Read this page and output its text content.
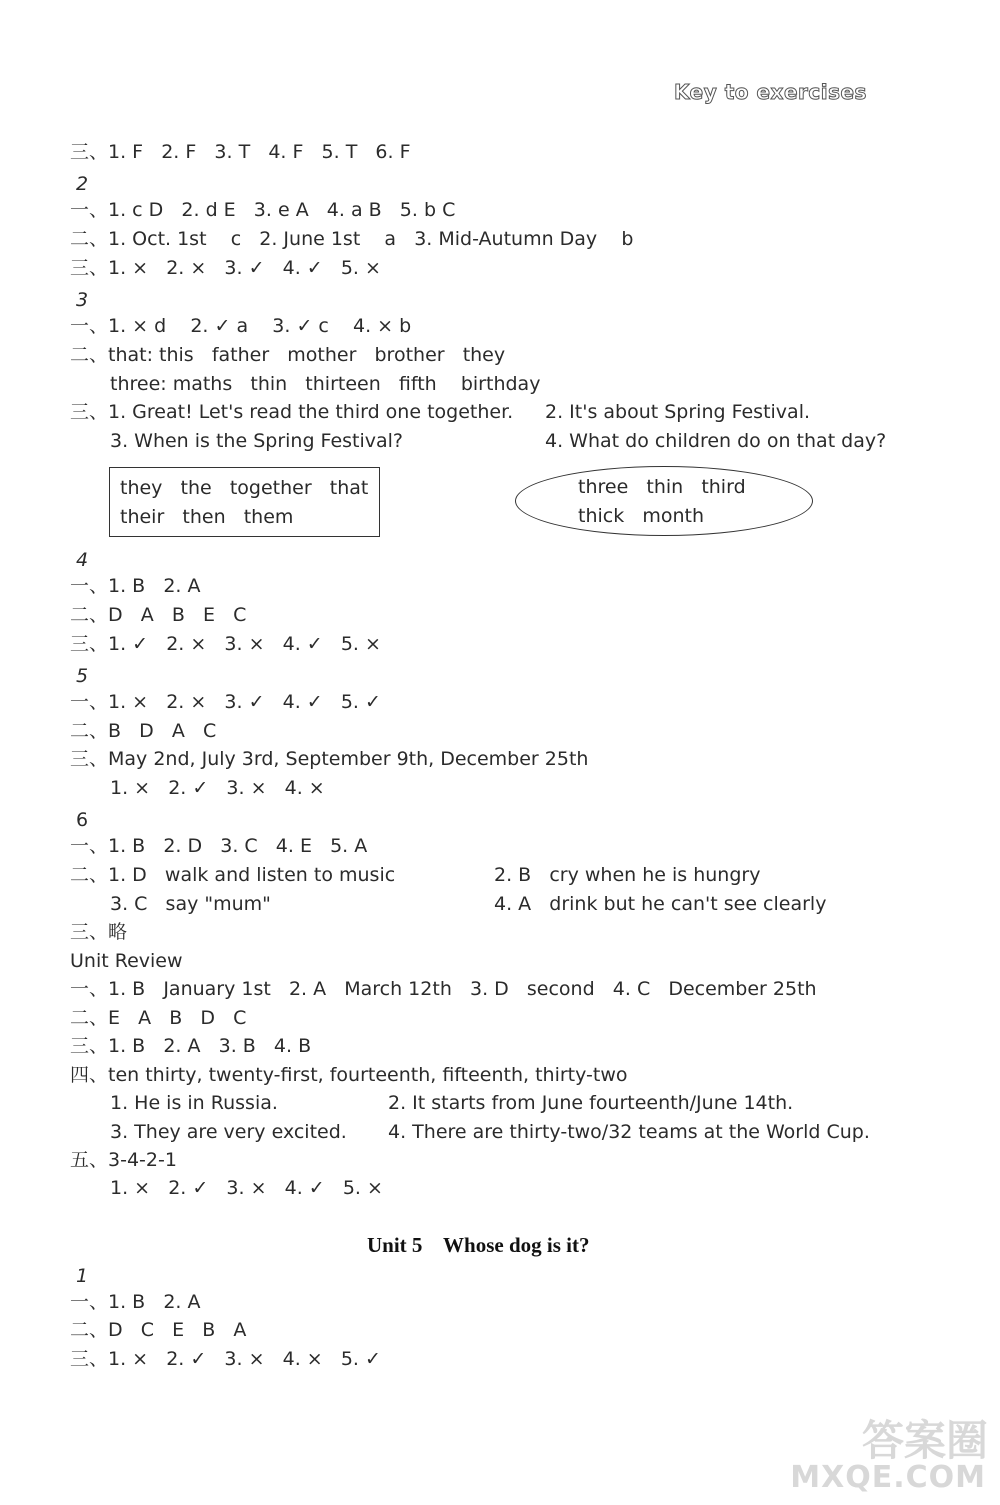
Key to exercises
三、1. F   2. F   3. T   4. F   5. T   6. F
2
一、1. c D   2. d E   3. e A   4. a B   5. b C
二、1. Oct. 1st    c   2. June 1st    a   3. Mid-Autumn Day    b
三、1. ×   2. ×   3. ✓   4. ✓   5. ×
3
一、1. × d    2. ✓ a    3. ✓ c    4. × b
二、that: this   father   mother   brother   they
three: maths   thin   thirteen   fifth    birthday
三、1. Great! Let's read the third one together. 2. It's about Spring Festival.
3. When is the Spring Festival?	4. What do children do on that day?
they   the   together   that
their   then   them
three   thin   third
thick   month
4
一、1. B   2. A
二、D   A   B   E   C
三、1. ✓   2. ×   3. ×   4. ✓   5. ×
5
一、1. ×   2. ×   3. ✓   4. ✓   5. ✓
二、B   D   A   C
三、May 2nd, July 3rd, September 9th, December 25th
1. ×   2. ✓   3. ×   4. ×
6
一、1. B   2. D   3. C   4. E   5. A
二、1. D   walk and listen to music	2. B   cry when he is hungry
3. C   say "mum"	4. A   drink but he can't see clearly
三、略
Unit Review
一、1. B   January 1st   2. A   March 12th   3. D   second   4. C   December 25th
二、E   A   B   D   C
三、1. B   2. A   3. B   4. B
四、ten thirty, twenty-first, fourteenth, fifteenth, thirty-two
1. He is in Russia.	2. It starts from June fourteenth/June 14th.
3. They are very excited. 4. There are thirty-two/32 teams at the World Cup.
五、3-4-2-1
1. ×   2. ✓   3. ×   4. ✓   5. ×
Unit 5    Whose dog is it?
1
一、1. B   2. A
二、D   C   E   B   A
三、1. ×   2. ✓   3. ×   4. ×   5. ✓
答案圈
MXQE.COM
